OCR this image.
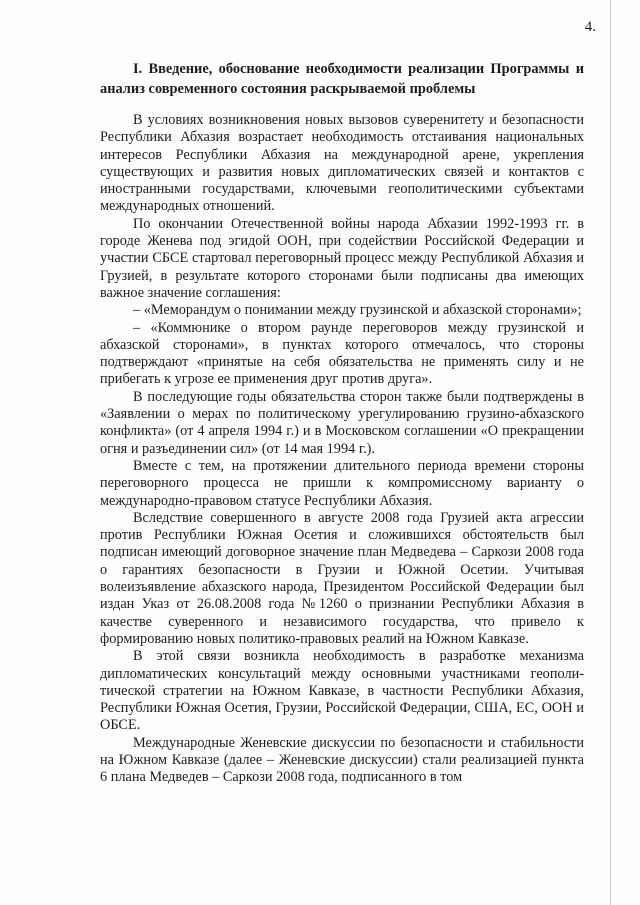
4.
I. Введение, обоснование необходимости реализации Программы и анализ современного состояния раскрываемой проблемы

В условиях возникновения новых вызовов суверенитету и безопасности Республики Абхазия возрастает необходимость отстаивания национальных интересов Республики Абхазия на международной арене, укрепления существующих и развития новых дипломатических связей и контактов с иностранными государствами, ключевыми геополитическими субъектами международных отношений.

По окончании Отечественной войны народа Абхазии 1992-1993 гг. в городе Женева под эгидой ООН, при содействии Российской Федерации и участии СБСЕ стартовал переговорный процесс между Республикой Абхазия и Грузией, в результате которого сторонами были подписаны два имеющих важное значение соглашения:

– «Меморандум о понимании между грузинской и абхазской сторонами»;

– «Коммюнике о втором раунде переговоров между грузинской и абхазской сторонами», в пунктах которого отмечалось, что стороны подтверждают «принятые на себя обязательства не применять силу и не прибегать к угрозе ее применения друг против друга».

В последующие годы обязательства сторон также были подтверждены в «Заявлении о мерах по политическому урегулированию грузино-абхазского конфликта» (от 4 апреля 1994 г.) и в Московском соглашении «О прекращении огня и разъединении сил» (от 14 мая 1994 г.).

Вместе с тем, на протяжении длительного периода времени стороны переговорного процесса не пришли к компромиссному варианту о международно-правовом статусе Республики Абхазия.

Вследствие совершенного в августе 2008 года Грузией акта агрессии против Республики Южная Осетия и сложившихся обстоятельств был подписан имеющий договорное значение план Медведева – Саркози 2008 года о гарантиях безопасности в Грузии и Южной Осетии. Учитывая волеизъявление абхазского народа, Президентом Российской Федерации был издан Указ от 26.08.2008 года №1260 о признании Республики Абхазия в качестве суверенного и независимого государства, что привело к формированию новых политико-правовых реалий на Южном Кавказе.

В этой связи возникла необходимость в разработке механизма дипломатических консультаций между основными участниками геополитической стратегии на Южном Кавказе, в частности Республики Абхазия, Республики Южная Осетия, Грузии, Российской Федерации, США, ЕС, ООН и ОБСЕ.

Международные Женевские дискуссии по безопасности и стабильности на Южном Кавказе (далее – Женевские дискуссии) стали реализацией пункта 6 плана Медведев – Саркози 2008 года, подписанного в том
